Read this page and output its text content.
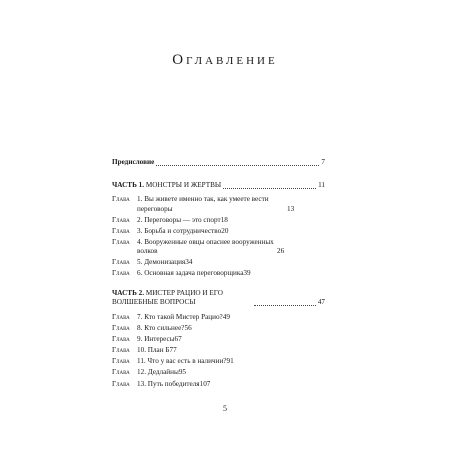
Оглавление
Предисловие	7
ЧАСТЬ 1. МОНСТРЫ И ЖЕРТВЫ	11
Глава	1. Вы живете именно так, как умеете вести переговоры	13
Глава	2. Переговоры — это спорт 18
Глава	3. Борьба и сотрудничество 20
Глава	4. Вооруженные овцы опаснее вооруженных волков	26
Глава	5. Демонизация 34
Глава	6. Основная задача переговорщика 39
ЧАСТЬ 2. МИСТЕР РАЦИО И ЕГО ВОЛШЕБНЫЕ ВОПРОСЫ	47
Глава	7. Кто такой Мистер Рацио? 49
Глава	8. Кто сильнее? 56
Глава	9. Интересы 67
Глава	10. План Б 77
Глава	11. Что у вас есть в наличии? 91
Глава	12. Дедлайны 95
Глава	13. Путь победителя 107
5
